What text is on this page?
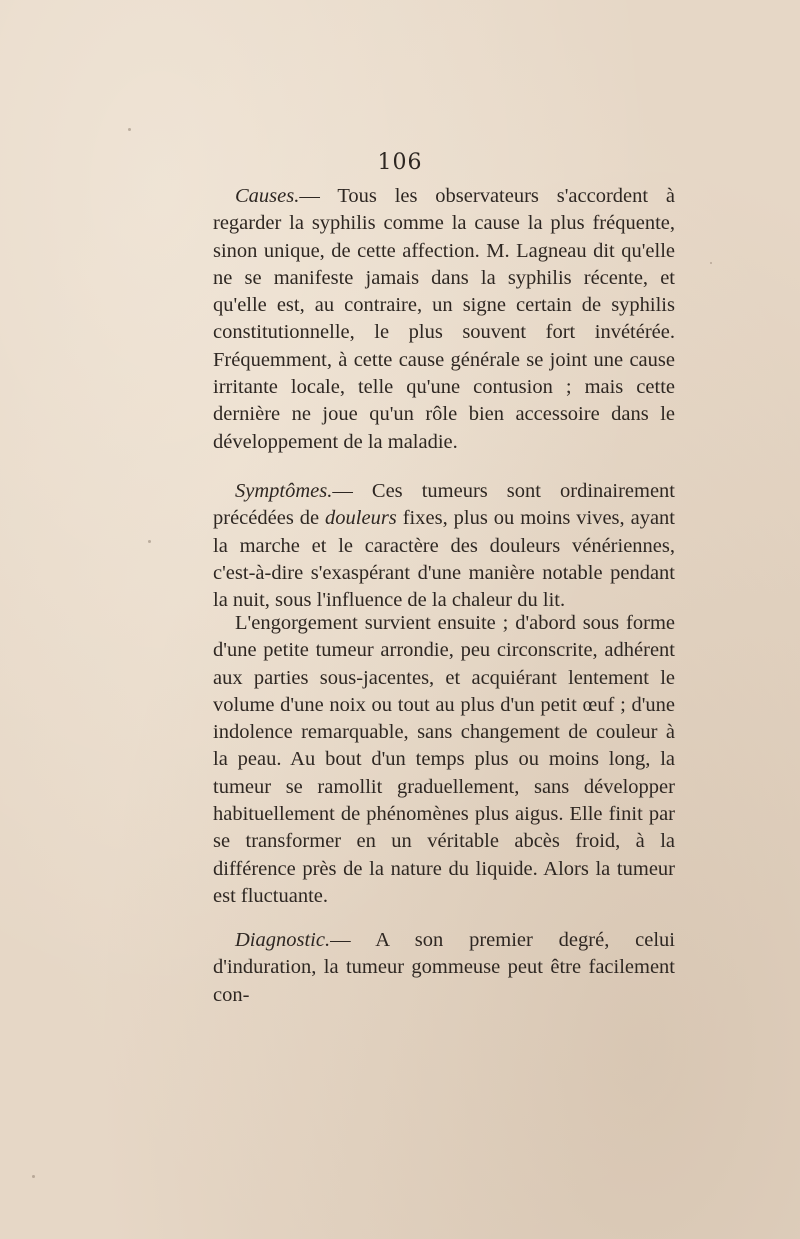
106

Causes.— Tous les observateurs s'accordent à regarder la syphilis comme la cause la plus fréquente, sinon unique, de cette affection. M. Lagneau dit qu'elle ne se manifeste jamais dans la syphilis récente, et qu'elle est, au contraire, un signe certain de syphilis constitutionnelle, le plus souvent fort invétérée. Fréquemment, à cette cause générale se joint une cause irritante locale, telle qu'une contusion ; mais cette dernière ne joue qu'un rôle bien accessoire dans le développement de la maladie.

Symptômes.— Ces tumeurs sont ordinairement précédées de douleurs fixes, plus ou moins vives, ayant la marche et le caractère des douleurs vénériennes, c'est-à-dire s'exaspérant d'une manière notable pendant la nuit, sous l'influence de la chaleur du lit.

L'engorgement survient ensuite ; d'abord sous forme d'une petite tumeur arrondie, peu circonscrite, adhérent aux parties sous-jacentes, et acquiérant lentement le volume d'une noix ou tout au plus d'un petit œuf ; d'une indolence remarquable, sans changement de couleur à la peau. Au bout d'un temps plus ou moins long, la tumeur se ramollit graduellement, sans développer habituellement de phénomènes plus aigus. Elle finit par se transformer en un véritable abcès froid, à la différence près de la nature du liquide. Alors la tumeur est fluctuante.

Diagnostic.— A son premier degré, celui d'induration, la tumeur gommeuse peut être facilement con-
